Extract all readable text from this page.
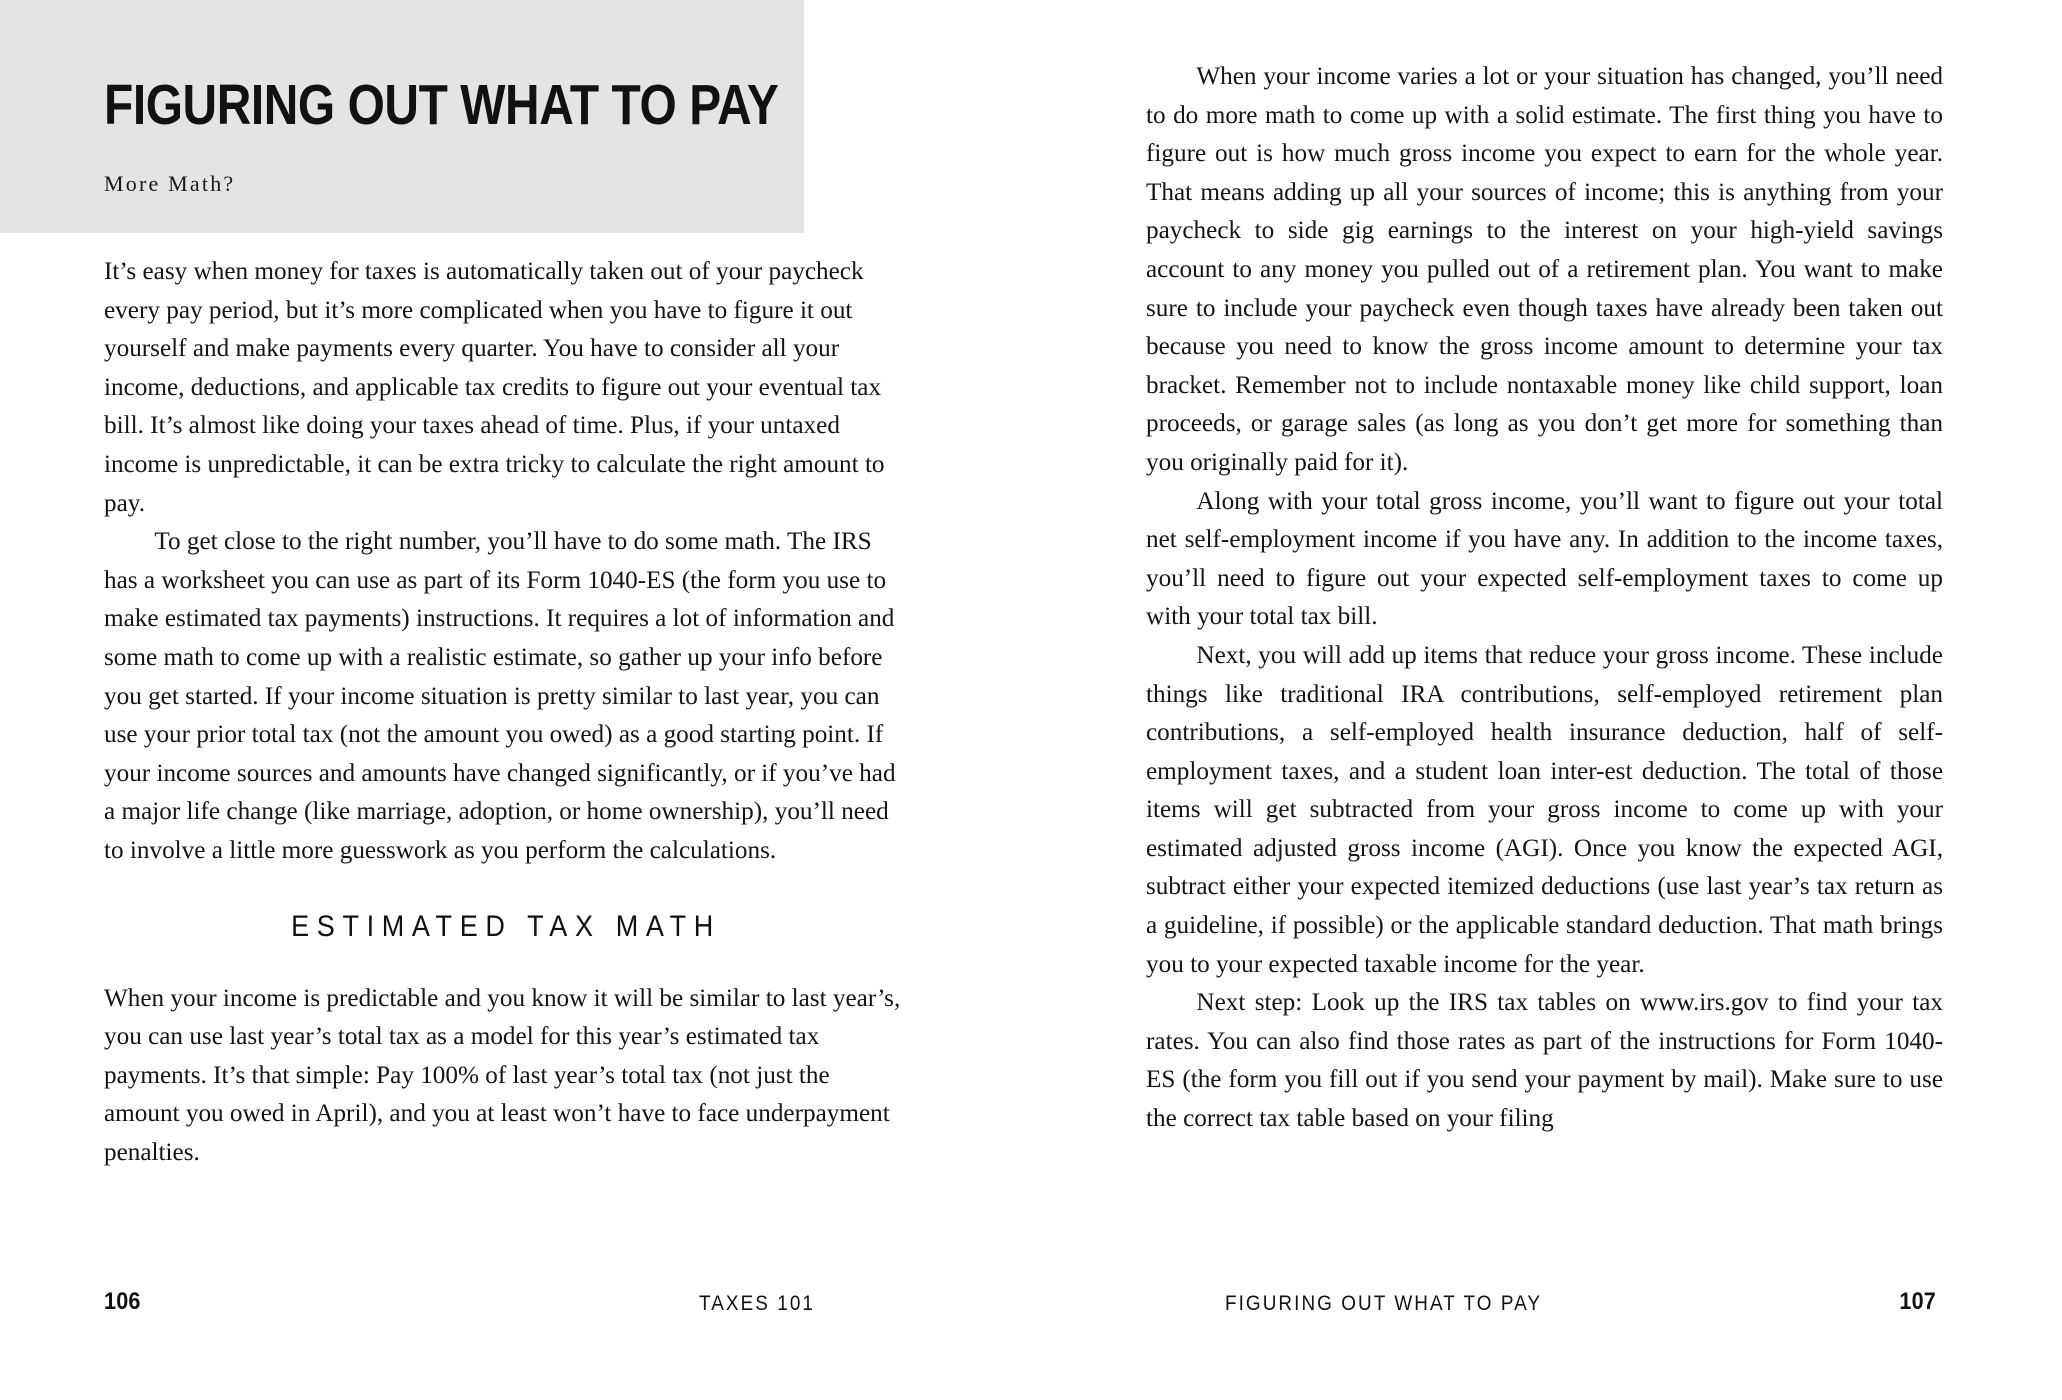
FIGURING OUT WHAT TO PAY
More Math?

It’s easy when money for taxes is automatically taken out of your paycheck every pay period, but it’s more complicated when you have to figure it out yourself and make payments every quarter. You have to consider all your income, deductions, and applicable tax credits to figure out your eventual tax bill. It’s almost like doing your taxes ahead of time. Plus, if your untaxed income is unpredictable, it can be extra tricky to calculate the right amount to pay.

To get close to the right number, you’ll have to do some math. The IRS has a worksheet you can use as part of its Form 1040-ES (the form you use to make estimated tax payments) instructions. It requires a lot of information and some math to come up with a realistic estimate, so gather up your info before you get started. If your income situation is pretty similar to last year, you can use your prior total tax (not the amount you owed) as a good starting point. If your income sources and amounts have changed significantly, or if you’ve had a major life change (like marriage, adoption, or home ownership), you’ll need to involve a little more guesswork as you perform the calculations.

ESTIMATED TAX MATH

When your income is predictable and you know it will be similar to last year’s, you can use last year’s total tax as a model for this year’s estimated tax payments. It’s that simple: Pay 100% of last year’s total tax (not just the amount you owed in April), and you at least won’t have to face underpayment penalties.

106	TAXES 101

When your income varies a lot or your situation has changed, you’ll need to do more math to come up with a solid estimate. The first thing you have to figure out is how much gross income you expect to earn for the whole year. That means adding up all your sources of income; this is anything from your paycheck to side gig earnings to the interest on your high-yield savings account to any money you pulled out of a retirement plan. You want to make sure to include your paycheck even though taxes have already been taken out because you need to know the gross income amount to determine your tax bracket. Remember not to include nontaxable money like child support, loan proceeds, or garage sales (as long as you don’t get more for something than you originally paid for it).

Along with your total gross income, you’ll want to figure out your total net self-employment income if you have any. In addition to the income taxes, you’ll need to figure out your expected self-employment taxes to come up with your total tax bill.

Next, you will add up items that reduce your gross income. These include things like traditional IRA contributions, self-employed retirement plan contributions, a self-employed health insurance deduction, half of self-employment taxes, and a student loan inter-est deduction. The total of those items will get subtracted from your gross income to come up with your estimated adjusted gross income (AGI). Once you know the expected AGI, subtract either your expected itemized deductions (use last year’s tax return as a guideline, if possible) or the applicable standard deduction. That math brings you to your expected taxable income for the year.

Next step: Look up the IRS tax tables on www.irs.gov to find your tax rates. You can also find those rates as part of the instructions for Form 1040-ES (the form you fill out if you send your payment by mail). Make sure to use the correct tax table based on your filing

FIGURING OUT WHAT TO PAY	107
